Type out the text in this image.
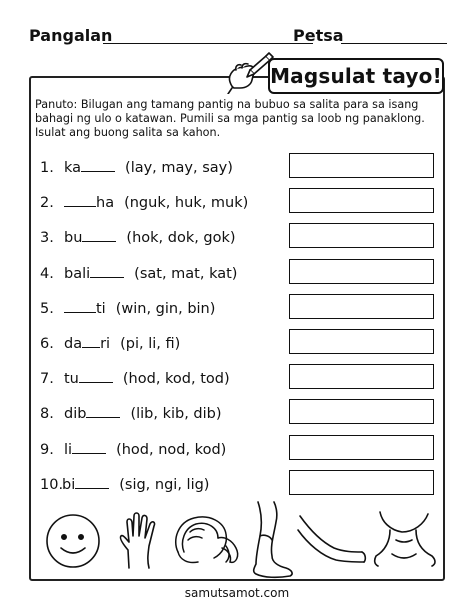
Pangalan	Petsa
Magsulat tayo!
Panuto: Bilugan ang tamang pantig na bubuo sa salita para sa isang bahagi ng ulo o katawan. Pumili sa mga pantig sa loob ng panaklong. Isulat ang buong salita sa kahon.
1. ka	(lay, may, say)
2.	ha (nguk, huk, muk)
3. bu	(hok, dok, gok)
4. bali	(sat, mat, kat)
5.	ti (win, gin, bin)
6. da ri (pi, li, fi)
7. tu	(hod, kod, tod)
8. dib	(lib, kib, dib)
9. li	(hod, nod, kod)
10.bi	(sig, ngi, lig)
samutsamot.com
